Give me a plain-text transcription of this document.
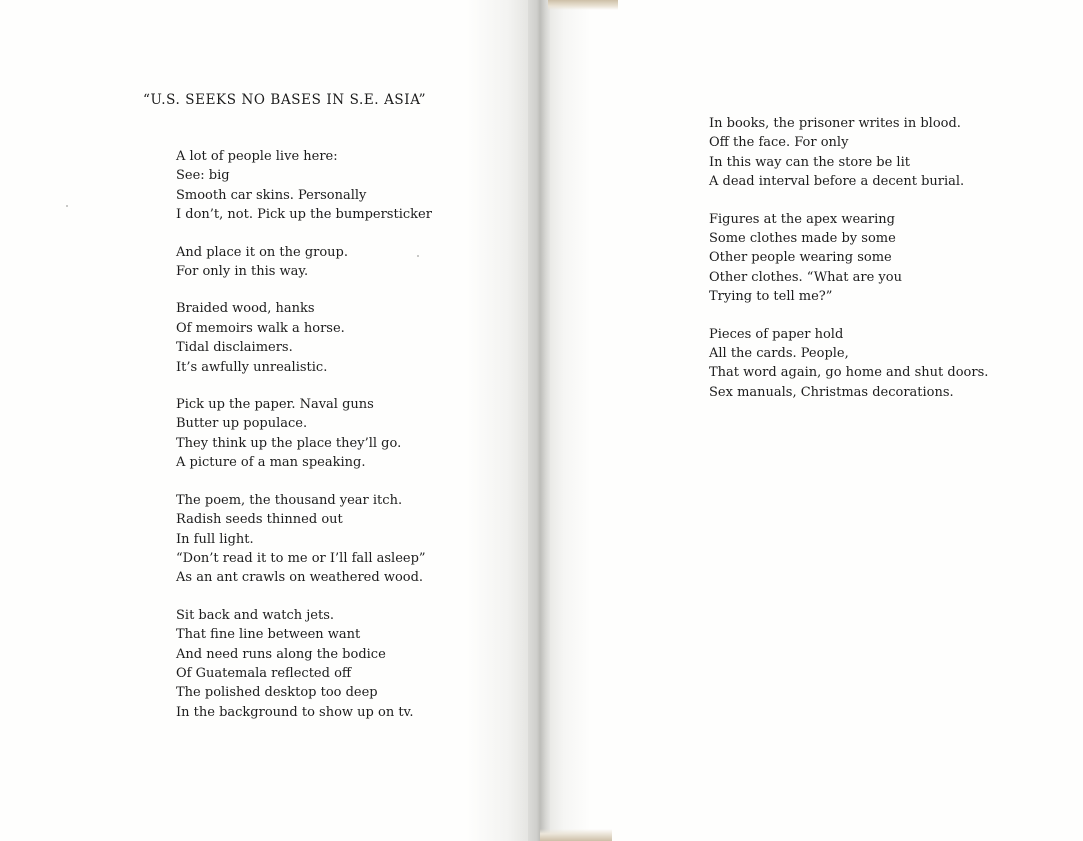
“U.S. SEEKS NO BASES IN S.E. ASIA”

A lot of people live here:
See: big
Smooth car skins. Personally
I don’t, not. Pick up the bumpersticker

And place it on the group.
For only in this way.

Braided wood, hanks
Of memoirs walk a horse.
Tidal disclaimers.
It’s awfully unrealistic.

Pick up the paper. Naval guns
Butter up populace.
They think up the place they’ll go.
A picture of a man speaking.

The poem, the thousand year itch.
Radish seeds thinned out
In full light.
“Don’t read it to me or I’ll fall asleep”
As an ant crawls on weathered wood.

Sit back and watch jets.
That fine line between want
And need runs along the bodice
Of Guatemala reflected off
The polished desktop too deep
In the background to show up on tv.

In books, the prisoner writes in blood.
Off the face. For only
In this way can the store be lit
A dead interval before a decent burial.

Figures at the apex wearing
Some clothes made by some
Other people wearing some
Other clothes. “What are you
Trying to tell me?”

Pieces of paper hold
All the cards. People,
That word again, go home and shut doors.
Sex manuals, Christmas decorations.
